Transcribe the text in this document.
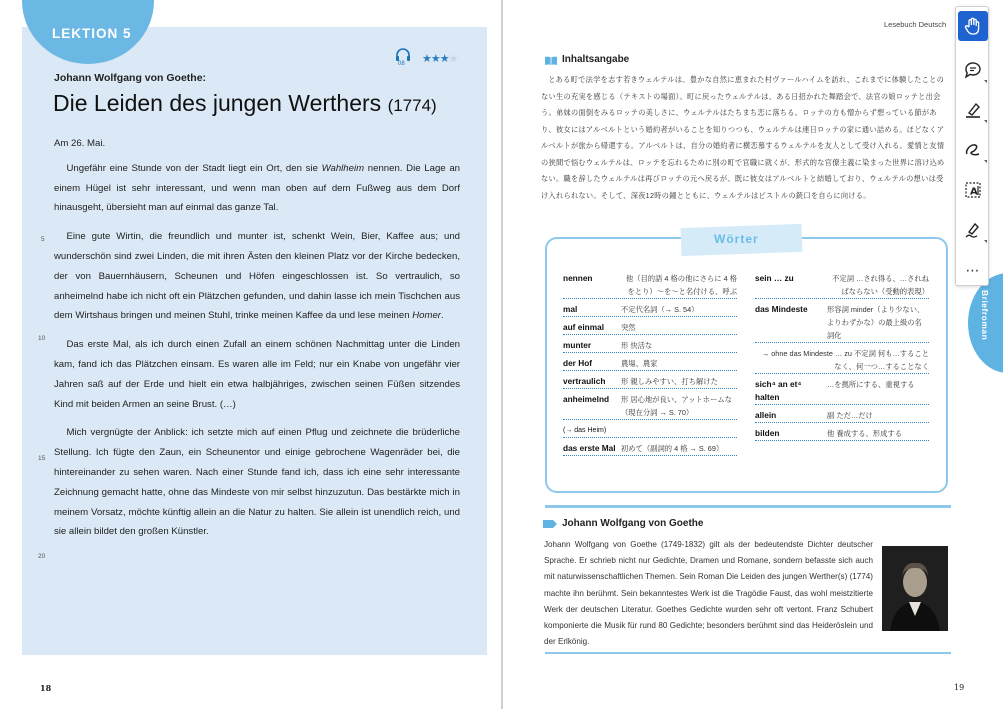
LEKTION 5
08 ★★★★
Johann Wolfgang von Goethe:
Die Leiden des jungen Werthers (1774)

Am 26. Mai.

Ungefähr eine Stunde von der Stadt liegt ein Ort, den sie Wahlheim nennen. Die Lage an einem Hügel ist sehr interessant, und wenn man oben auf dem Fußweg aus dem Dorf hinausgeht, übersieht man auf einmal das ganze Tal.

Eine gute Wirtin, die freundlich und munter ist, schenkt Wein, Bier, Kaffee aus; und wunderschön sind zwei Linden, die mit ihren Ästen den kleinen Platz vor der Kirche bedecken, der von Bauernhäusern, Scheunen und Höfen eingeschlossen ist. So vertraulich, so anheimelnd habe ich nicht oft ein Plätzchen gefunden, und dahin lasse ich mein Tischchen aus dem Wirtshaus bringen und meinen Stuhl, trinke meinen Kaffee da und lese meinen Homer.

Das erste Mal, als ich durch einen Zufall an einem schönen Nachmittag unter die Linden kam, fand ich das Plätzchen einsam. Es waren alle im Feld; nur ein Knabe von ungefähr vier Jahren saß auf der Erde und hielt ein etwa halbjähriges, zwischen seinen Füßen sitzendes Kind mit beiden Armen an seine Brust. (…)

Mich vergnügte der Anblick: ich setzte mich auf einen Pflug und zeichnete die brüderliche Stellung. Ich fügte den Zaun, ein Scheunentor und einige gebrochene Wagenräder bei, die hintereinander zu sehen waren. Nach einer Stunde fand ich, dass ich eine sehr interessante Zeichnung gemacht hatte, ohne das Mindeste von mir selbst hinzuzutun. Das bestärkte mich in meinem Vorsatz, möchte künftig allein an die Natur zu halten. Sie allein ist unendlich reich, und sie allein bildet den großen Künstler.

5
10
15
20
18
Lesebuch Deutsch
Inhaltsangabe
とある町で法学を志す若きウェルテルは、豊かな自然に恵まれた村ヴァールハイムを訪れ、これまでに体験したことのない生の充実を感じる（テキストの場面）。町に戻ったウェルテルは、ある日招かれた舞踏会で、法官の娘ロッテと出会う。弟妹の面倒をみるロッテの美しさに、ウェルテルはたちまち恋に落ちる。ロッテの方も憎からず想っている節があり、彼女にはアルベルトという婚約者がいることを知りつつも、ウェルテルは連日ロッテの家に通い詰める。ほどなくアルベルトが旅から帰還する。アルベルトは、自分の婚約者に横恋慕するウェルテルを友人として受け入れる。愛情と友情の狭間で悩むウェルテルは、ロッテを忘れるために別の町で官職に就くが、形式的な官僚主義に染まった世界に溶け込めない。職を辞したウェルテルは再びロッテの元へ戻るが、既に彼女はアルベルトと結婚しており、ウェルテルの想いは受け入れられない。そして、深夜12時の鐘とともに、ウェルテルはピストルの銃口を自らに向ける。
Wörter
nennen	他（目的語 4 格の他にさらに 4 格をとり）〜を〜と名付ける、呼ぶ
mal	不定代名詞（→ S. 54）
auf einmal	突然
munter	形 快活な
der Hof	農場、農家
vertraulich	形 親しみやすい、打ち解けた
anheimelnd	形 居心地が良い、アットホームな（現在分詞 → S. 70）
(→ das Heim)
das erste Mal 初めて（副詞的 4 格 → S. 69）
sein … zu	不定詞 …され得る、…されねばならない（受動的表現）
das Mindeste	形容詞 minder（より少ない、よりわずかな）の最上級の名詞化
→ ohne das Mindeste … zu 不定詞 何も…することなく、何一つ…することなく
sich⁴ an et⁴ halten
…を拠所にする、重視する
allein	副 ただ…だけ
bilden	他 養成する、形成する
Johann Wolfgang von Goethe
Johann Wolfgang von Goethe (1749-1832) gilt als der bedeutendste Dichter deutscher Sprache. Er schrieb nicht nur Gedichte, Dramen und Romane, sondern befasste sich auch mit naturwissenschaftlichen Themen. Sein Roman Die Leiden des jungen Werther(s) (1774) machte ihn berühmt. Sein bekanntestes Werk ist die Tragödie Faust, das wohl meistzitierte Werk der deutschen Literatur. Goethes Gedichte wurden sehr oft vertont. Franz Schubert komponierte die Musik für rund 80 Gedichte; besonders berühmt sind das Heideröslein und der Erlkönig.
19
Briefroman
A
⋯
